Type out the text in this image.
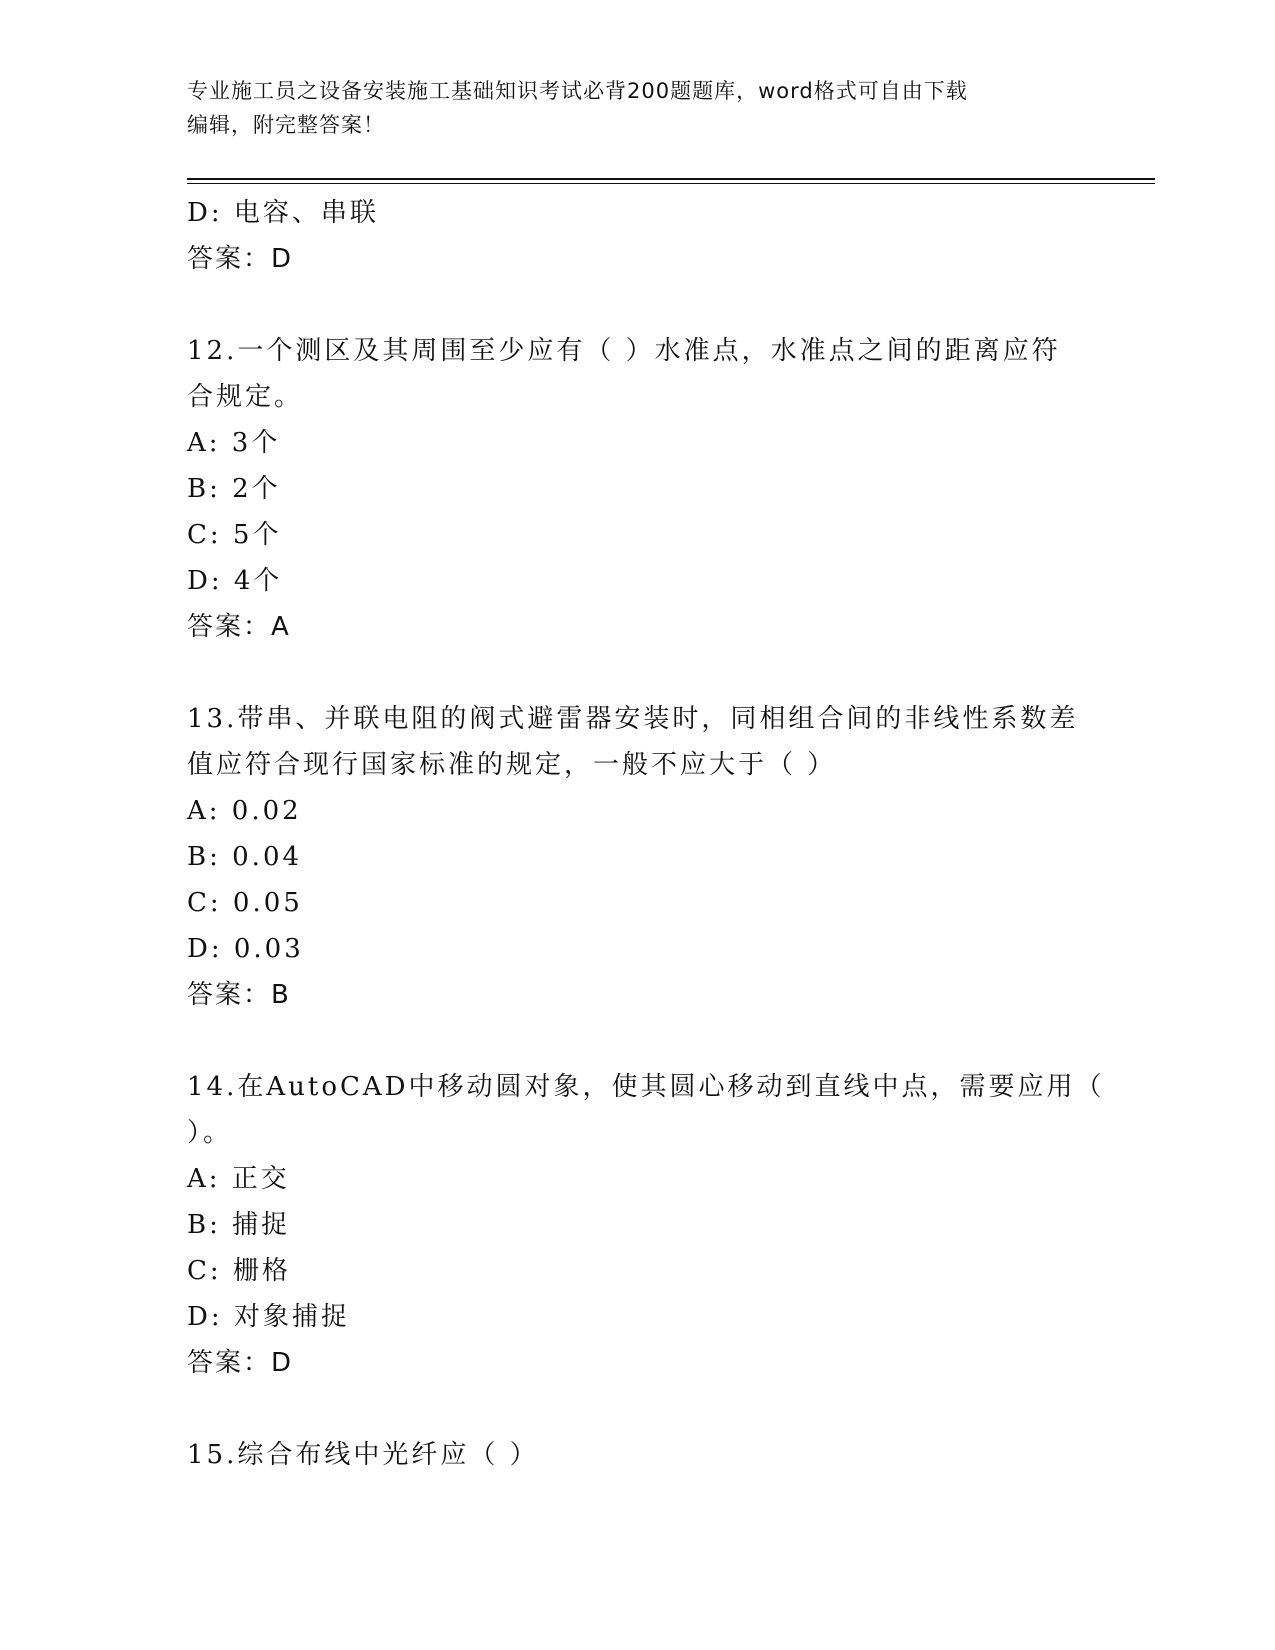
专业施工员之设备安装施工基础知识考试必背200题题库，word格式可自由下载
编辑，附完整答案！
D: 电容、串联
答案：D
12.一个测区及其周围至少应有（ ）水准点，水准点之间的距离应符
合规定。
A: 3个
B: 2个
C: 5个
D: 4个
答案：A
13.带串、并联电阻的阀式避雷器安装时，同相组合间的非线性系数差
值应符合现行国家标准的规定，一般不应大于（ ）
A: 0.02
B: 0.04
C: 0.05
D: 0.03
答案：B
14.在AutoCAD中移动圆对象，使其圆心移动到直线中点，需要应用（
）。
A: 正交
B: 捕捉
C: 栅格
D: 对象捕捉
答案：D
15.综合布线中光纤应（ ）
